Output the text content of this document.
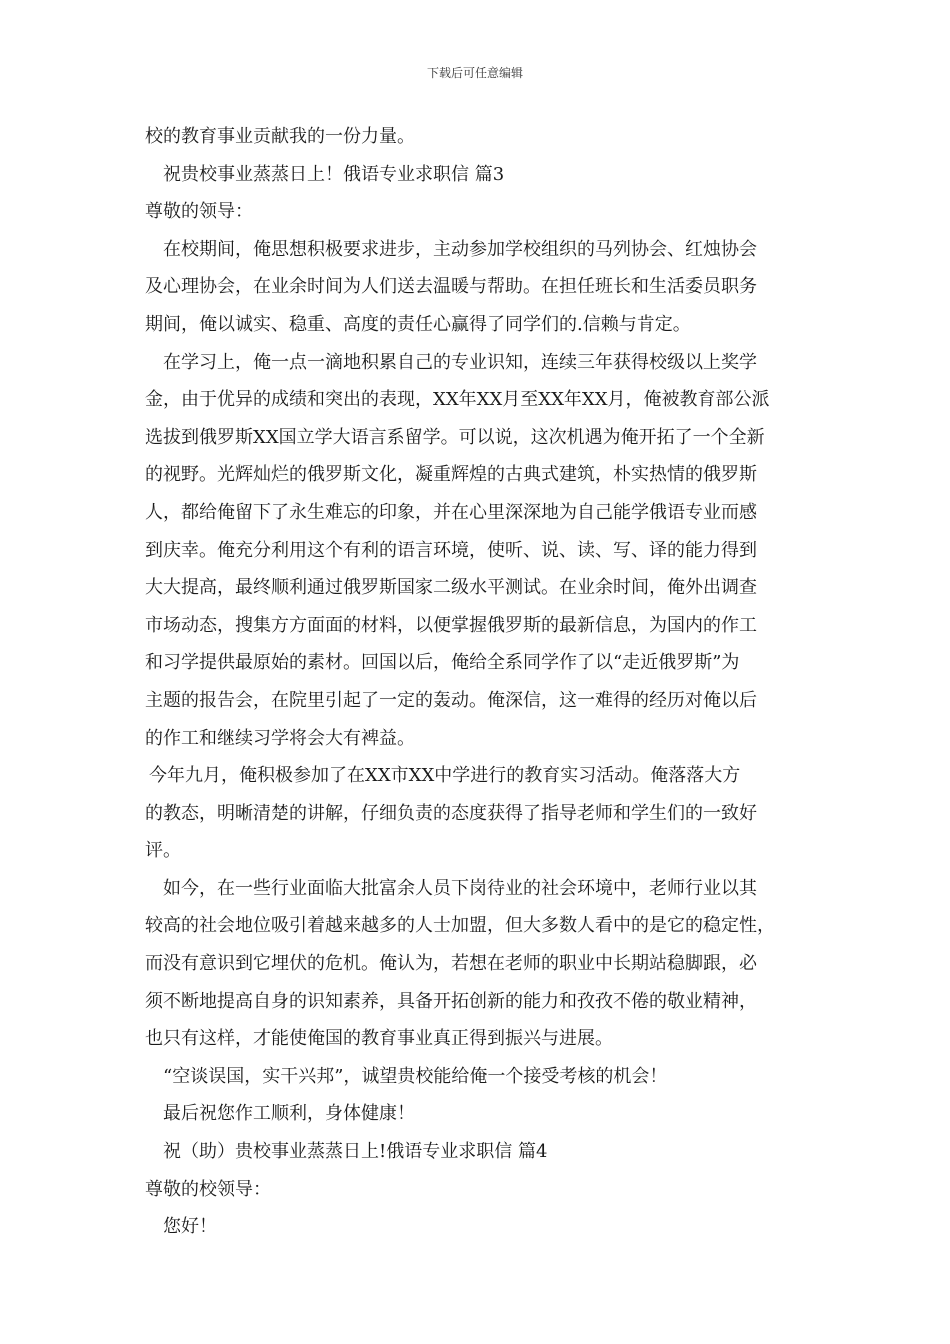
下载后可任意编辑

校的教育事业贡献我的一份力量。

祝贵校事业蒸蒸日上！俄语专业求职信 篇3

尊敬的领导：

在校期间，俺思想积极要求进步，主动参加学校组织的马列协会、红烛协会

及心理协会，在业余时间为人们送去温暖与帮助。在担任班长和生活委员职务

期间，俺以诚实、稳重、高度的责任心赢得了同学们的.信赖与肯定。

在学习上，俺一点一滴地积累自己的专业识知，连续三年获得校级以上奖学

金，由于优异的成绩和突出的表现，XX年XX月至XX年XX月，俺被教育部公派

选拔到俄罗斯XX国立学大语言系留学。可以说，这次机遇为俺开拓了一个全新

的视野。光辉灿烂的俄罗斯文化，凝重辉煌的古典式建筑，朴实热情的俄罗斯

人，都给俺留下了永生难忘的印象，并在心里深深地为自己能学俄语专业而感

到庆幸。俺充分利用这个有利的语言环境，使听、说、读、写、译的能力得到

大大提高，最终顺利通过俄罗斯国家二级水平测试。在业余时间，俺外出调查

市场动态，搜集方方面面的材料，以便掌握俄罗斯的最新信息，为国内的作工

和习学提供最原始的素材。回国以后，俺给全系同学作了以“走近俄罗斯”为

主题的报告会，在院里引起了一定的轰动。俺深信，这一难得的经历对俺以后

的作工和继续习学将会大有裨益。

今年九月，俺积极参加了在XX市XX中学进行的教育实习活动。俺落落大方

的教态，明晰清楚的讲解，仔细负责的态度获得了指导老师和学生们的一致好

评。

如今，在一些行业面临大批富余人员下岗待业的社会环境中，老师行业以其

较高的社会地位吸引着越来越多的人士加盟，但大多数人看中的是它的稳定性，

而没有意识到它埋伏的危机。俺认为，若想在老师的职业中长期站稳脚跟，必

须不断地提高自身的识知素养，具备开拓创新的能力和孜孜不倦的敬业精神，

也只有这样，才能使俺国的教育事业真正得到振兴与进展。

“空谈误国，实干兴邦”，诚望贵校能给俺一个接受考核的机会！

最后祝您作工顺利，身体健康！

祝（助）贵校事业蒸蒸日上!俄语专业求职信 篇4

尊敬的校领导：

您好！
